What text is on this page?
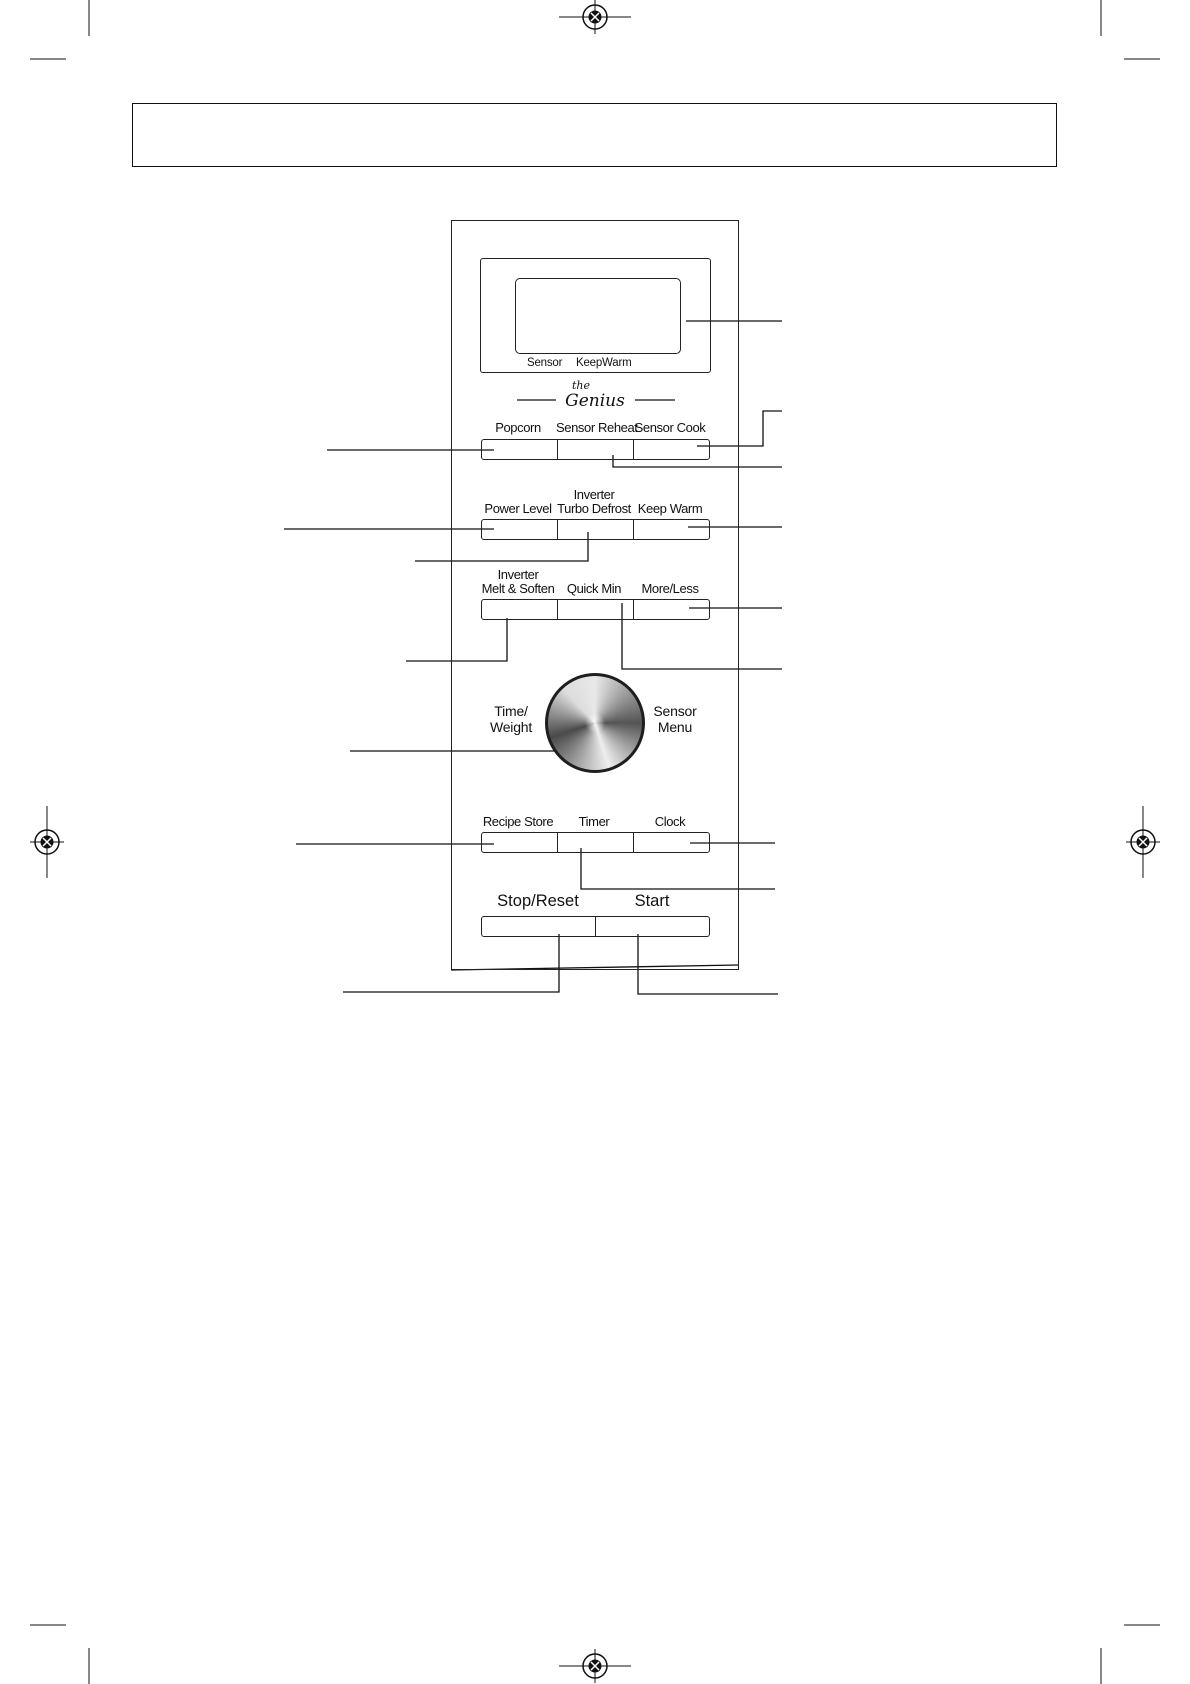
Sensor KeepWarm
the
Genius
Popcorn	Sensor Reheat
Sensor Cook
Power Level
Inverter
Turbo Defrost Keep Warm
Inverter
Melt & Soften Quick Min	More/Less
Time/
Weight
Sensor
Menu
Recipe Store	Timer	Clock
Stop/Reset	Start
